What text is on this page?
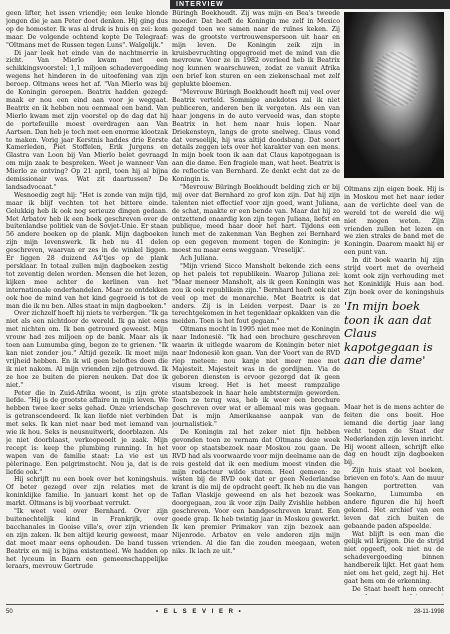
INTERVIEW

geen lifter, het issen vriendje; een leuke blonde jongen die je aan Peter doet denken. Hij ging dus op de homoster. Ik was al druk is huis en zei: kom maar. De volgende ochtend kopte De Telegraaf: "Oltmans met de Russen tegen Luns". Walgelijk."

Di jaar leek het einde van de nachtmerrie in zicht. Van Mierlo kwam met een schikkingsvoorstel: 1,1 miljoen schadevergoeding wegens het hinderen in de uitoefening van zijn beroep. Oltmans wees het af. "Van Mierlo was bij de Koningin geroepen. Beatrix hadden gezegd: maak er nou een eind aan voor je weggaat. Beatrix en ik hebben nou eenmaal een band. Van Mierlo kwam met zijn voorstel op de dag dat hij de portefeuille moest overdragen aan Van Aartsen. Dan heb je toch met een enorme klootzak te maken. Vorig jaar Kerstnis haddes drie Eerste Kamerleden, Piet Stoffelen, Erik Jurgens en Glastra van Loon bij Van Mierlo belet gevraagd om mijn zaak te bespreken. Weet je wanneer Van Mierlo ze ontving? Op 21 april, toen hij al bijna demissionair was. Wat zit daartussen? De landsadvocaat."

Wesnoedig zegt hij: "Het is zonde van mijn tijd, maar ik blijf vechten tot het bittere einde. Gelukkig heb ik ook nog serieuze dingen gedaan. Met Arbatov heb ik een boek geschreven over de buitenlandse politiek van de Sovjet-Unie. Er staan 56 andere boeken op de plank. Mijn dagboeken zijn mijn levenswerk. Ik heb nu 41 delen geschreven, waarvan er zes in de winkel liggen. Er liggen 28 duizend A4'tjes op de plank persklaar. In totaal zullen mijn dagboeken zestig tot zeventig delen worden. Mensen die het lezen, kijken mee achter de kerlinen van het internationale onderhandelen. Maar ze ontdekken ook hoe de mind van het kind gegroeid is tot de man die ik nu ben. Alles staat in mijn dagboeken."

Over zichzelf hoeft hij niets te verbergen. "Ik ga niet als een nichtdoor de wereld. Ik ga niet eens met nichten om. Ik ben getrouwd geweest. Mijn vrouw had zes miljoen op de bank. Maar als ik toen aan Lumumba ging, begon ze te grienen. "Ik kan niet zonder jou." Altijd gezeik. Ik moet mijn vrijheid hebben. En ik wil geen beloftes doen die ik niet nakom. Al mijn vrienden zijn getrouwd. Ik ze hoe ze buiten de pieren neuken. Dat doe ik niet."

Peter die in Zuid-Afrika woont, is zijn grote liefde. "Hij is de grootste affaire in mijn leven. We hebben twee keer seks gehad. Onze vriendschap is getranscendeerd. Ik kan liefde niet verbinden met seks. Ik kan niet naar bed met iemand van wie ik hou. Seks is neusnuitwerk, doorblazen. Als je niet doorblaast, verkoopeoelt je zaak. Mijn recept is: keep the plumbing running. In het wapen van de familie staat: La vie est un pèlerinage. Een pelgrimstocht. Nou ja, dat is de liefde ook."

Hij schrijft nu een boek over het koningshuis. Of beter gezegd over zijn relaties met de koninklijke familie. In januari komt het op de markt. Oltmans is bij voorbaat verrukt.

"Ik weet veel over Bernhard. Over zijn buitenechtelijk kind in Frankrijk, over bacchanales in Gooise villa's, over zijn vrienden en zijn zaken. Ik ben altijd keurig geweest, maar dat moet maar eens ophouden. De band tussen Beatrix en mij is bijna existentieel. We hadden op het lyceum in Baarn een gemeenschappelijke leraars, mevrouw Gertrude

Büringh Boekhoudt. Zij was mijn en Bea's tweede moeder. Dat heeft de Koningin me zelf in Mexico gezegd toen we samen naar de ruïnes keken. Zij was de grootste vertrouwenspersoon uit haar en mijn leven. De Koningin zeik zijn in kruisbevruchting opgegroeid met de mind van die mevrouw. Voor ze in 1982 overleed heb ik Beatrix nog kunnen waarschuwen, zodat ze vanuit Afrika een brief kon sturen en een ziekenschaal met zelf geplukte bloemen.

"Mevrouw Büringh Boekhoudt heeft mij veel over Beatrix verteld. Sommige anekdotes zal ik niet publiceren, anderen ben ik vergeten. Als een van haar jongens in de auto verveeld was, dan stopte Beatrix in het hem naar huis lopen. Naar Driekensteyn, langs de grote snelweg. Claus vond dat verseelijk, hij was altijd doodsbang. Dat soort details zeggen iets over het karakter van een mens. In mijn boek toon ik aan dat Claus kapotgegaan is aan die dame. Een fragiele man, wat heet. Beatrix is de reflectie van Bernhard. Ze denkt echt dat ze de Koningin is.

"Mevrouw Büringh Boekhoudt belding zich er bij mij over dat Bernhard zo grof kon zijn. Dat hij zijn talenten niet effectief voor zijn goed, want Juliana, de schat, maakte er een bende van. Maar dat hij zo ontzettend onaardig kon zijn tegen Juliana, liefst en publique, meed haar door het hart. Tijdens een lunch met de zakenman Van Beghen zei Bernhard op een gegeven moment tegen de Koningin: je moest nu maar eens weggaan. 'Vreselijk'.

Ach Juliana.

"Mijn vriend Sicco Mansholt bekende zich eens op het paleis tot republikein. Waarop Juliana zei: "Maar meneer Mansholt, als ik geen Koningin was zou ik ook republikein zijn." Bernhard heeft ook niet veel op met de monarchie. Met Beatrix is dat anders. Zij is in Leiden verpest. Daar is ze terechtgekomen in het tegenklaar opkakken van die meiden. Toen is het fout gegaan."

Oltmans mocht in 1995 niet mee met de Koningin naar Indonesië. "Ik had een brochure geschreven waarin ik uitlegde waarom de Koningin beter niet naar Indonesië kon gaan. Van der Voort van de RVD riep meteen: nou kanje niet meer mee met Majesteit. Majesteit was in de gordijnen. Via de geboren diensten is ervoor gezorgd dat ik geen visum kreeg. Het is het meest rampzalige staatsbezoek in haar hele ambtstermijn geworden. Toen ze terug was, heb ik weer een brochure geschreven over wat er allemaal mis was gegaan. Dat is mijn Amerikaanse aanpak van de journalistiek."

De Koningin zal het zeker niet fijn hebben gevonden toen ze vernam dat Oltmans deze week voor op staatsbezoek naar Moskou zou gaan. De RVD had als voorwaarde voor mijn deelname aan de reis gesteld dat ik een medium moest vinden die mijn redacteur wilde sturen. Heel gemeen: ze wisten bij de RVD ook dat er geen Nederlandse krant is die mij de opdracht geeft. Ik heb nu die van Taflan Vlaskije geweend en als het bezoek was doorgegaan, zou ik voor zijn Daily Zvishlie hebben geschreven. Voor een bandgeschreven krant. Een goede grap. Ik heb twintig jaar in Moskou gewerkt. Ik ken premier Primakov van zijn bezoek aan Nijenrode. Arbatov en vele anderen zijn mijn vrienden. Al die fan die zouden meegaan, weten niks. Ik lach ze uit."

Oltmans zijn eigen boek. Hij is in Moskou met het naar ieder aan de verlichte deel van de wereld tot de wereld die wij niet mogen weten. Zijn vrienden zullen het lezen en we zien straks de band met de Koningin. Daarom maakt hij er een punt van.

In dit boek waarin hij zijn strijd voert met de overheid komt ook zijn verhouding met het Koninklijk Huis aan bod. Zijn boek over de koningshuis

'In mijn boek toon ik aan dat Claus kapotgegaan is aan die dame'

Maar het is de mens achter de feiten die ons boeit. Hoe iemand die dertig jaar lang vecht tegen de Staat der Nederlanden zijn leven inricht. Hij woont alleen, schrijft elke dag en houdt zijn dagboeken bij.

Zijn huis staat vol boeken, brieven en foto's. Aan de muur hangen portretten van Soekarno, Lumumba en andere figuren die hij heeft gekend. Het archief van een leven dat zich buiten de gebaande paden afspeelde.

Wat blijft is een man die gelijk wil krijgen. Die de strijd niet opgeeft, ook niet nu de schadevergoeding binnen handbereik lijkt. Het gaat hem niet om het geld, zegt hij. Het gaat hem om de erkenning.

De Staat heeft hem onrecht

50	• E L S E V I E R •	28-11-1998
